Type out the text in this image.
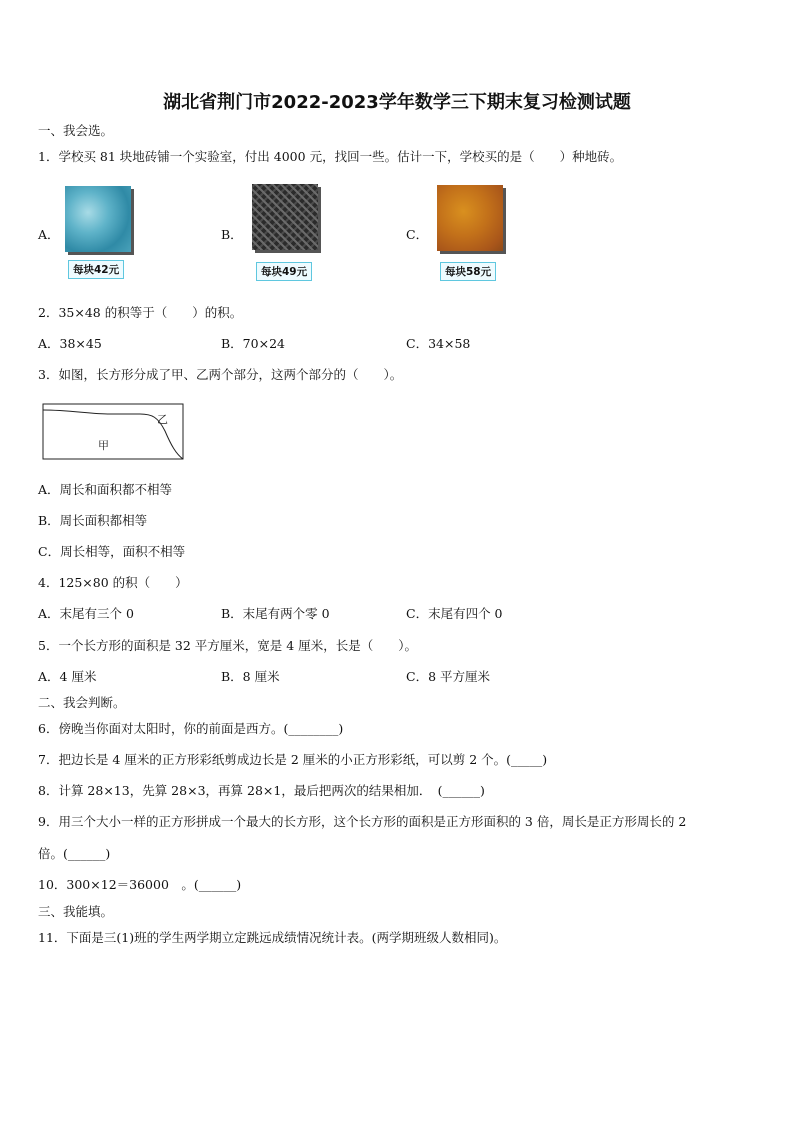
湖北省荆门市2022-2023学年数学三下期末复习检测试题
一、我会选。
1．学校买 81 块地砖铺一个实验室，付出 4000 元，找回一些。估计一下，学校买的是（　　）种地砖。
A．
每块42元
B．
每块49元
C．
每块58元
2．35×48 的积等于（　　）的积。
A．38×45	B．70×24	C．34×58
3．如图，长方形分成了甲、乙两个部分，这两个部分的（　　）。
甲
乙
A．周长和面积都不相等
B．周长面积都相等
C．周长相等，面积不相等
4．125×80 的积（　　）
A．末尾有三个 0	B．末尾有两个零 0	C．末尾有四个 0
5．一个长方形的面积是 32 平方厘米，宽是 4 厘米，长是（　　）。
A．4 厘米	B．8 厘米	C．8 平方厘米
二、我会判断。
6．傍晚当你面对太阳时，你的前面是西方。(________)
7．把边长是 4 厘米的正方形彩纸剪成边长是 2 厘米的小正方形彩纸，可以剪 2 个。(_____)
8．计算 28×13，先算 28×3，再算 28×1，最后把两次的结果相加．　(______)
9．用三个大小一样的正方形拼成一个最大的长方形，这个长方形的面积是正方形面积的 3 倍，周长是正方形周长的 2
倍。(______)
10．300×12＝36000　。(______)
三、我能填。
11．下面是三(1)班的学生两学期立定跳远成绩情况统计表。(两学期班级人数相同)。
